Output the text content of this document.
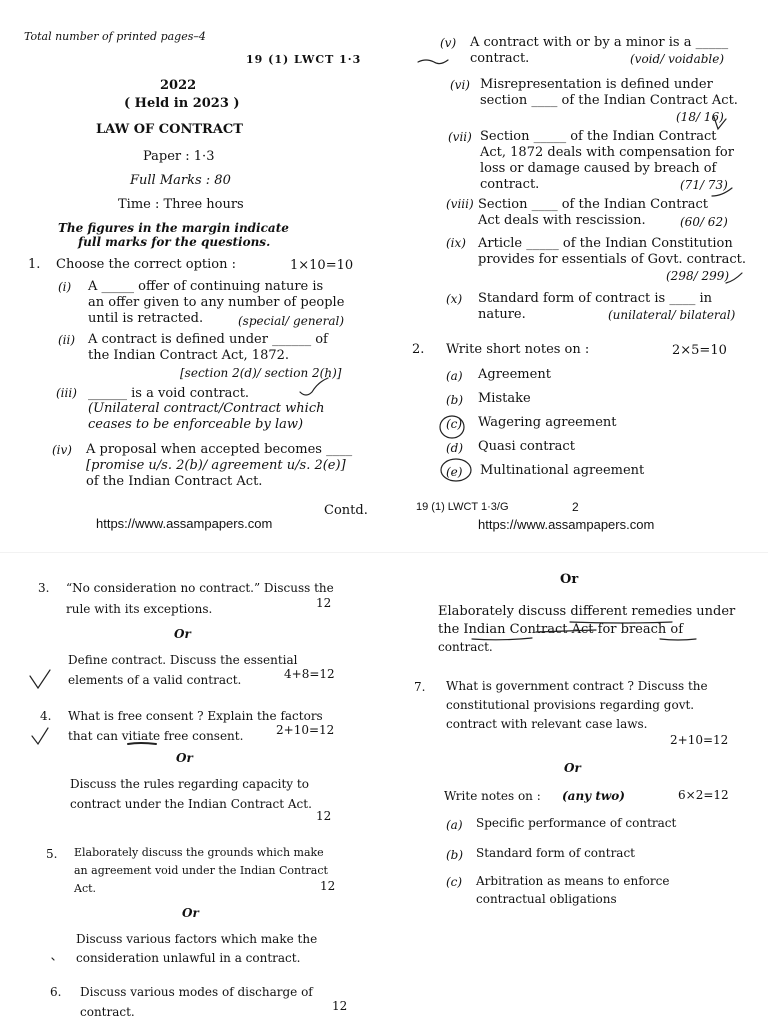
Total number of printed pages–4
19 (1) LWCT 1·3
2022
( Held in 2023 )
LAW OF CONTRACT
Paper : 1·3
Full Marks : 80
Time : Three hours
The figures in the margin indicate
full marks for the questions.
1. Choose the correct option :	1×10=10
(i) A _____ offer of continuing nature is
an offer given to any number of people
until is retracted.	(special/ general)
(ii) A contract is defined under ______ of
the Indian Contract Act, 1872.
[section 2(d)/ section 2(h)]
(iii) ______ is a void contract.
(Unilateral contract/Contract which
ceases to be enforceable by law)
(iv) A proposal when accepted becomes ____
[promise u/s. 2(b)/ agreement u/s. 2(e)]
of the Indian Contract Act.
Contd.
https://www.assampapers.com
(v) A contract with or by a minor is a _____
contract.	(void/ voidable)
(vi) Misrepresentation is defined under
section ____ of the Indian Contract Act.
(18/ 16)
(vii) Section _____ of the Indian Contract
Act, 1872 deals with compensation for
loss or damage caused by breach of
contract.	(71/ 73)
(viii) Section ____ of the Indian Contract
Act deals with rescission.	(60/ 62)
(ix) Article _____ of the Indian Constitution
provides for essentials of Govt. contract.
(298/ 299)
(x) Standard form of contract is ____ in
nature.	(unilateral/ bilateral)
2. Write short notes on :	2×5=10
(a) Agreement
(b) Mistake
(c) Wagering agreement
(d) Quasi contract
(e) Multinational agreement
19 (1) LWCT 1·3/G	2
https://www.assampapers.com
3. “No consideration no contract.” Discuss the
rule with its exceptions.	12
Or
Define contract. Discuss the essential
elements of a valid contract.	4+8=12
4. What is free consent ? Explain the factors
that can vitiate free consent.	2+10=12
Or
Discuss the rules regarding capacity to
contract under the Indian Contract Act.
12
5. Elaborately discuss the grounds which make
an agreement void under the Indian Contract
Act.	12
Or
Discuss various factors which make the
consideration unlawful in a contract.
6. Discuss various modes of discharge of
contract.	12
Or
Elaborately discuss different remedies under
the Indian Contract Act for breach of
contract.
7. What is government contract ? Discuss the
constitutional provisions regarding govt.
contract with relevant case laws.
2+10=12
Or
Write notes on : (any two)	6×2=12
(a) Specific performance of contract
(b) Standard form of contract
(c) Arbitration as means to enforce
contractual obligations
